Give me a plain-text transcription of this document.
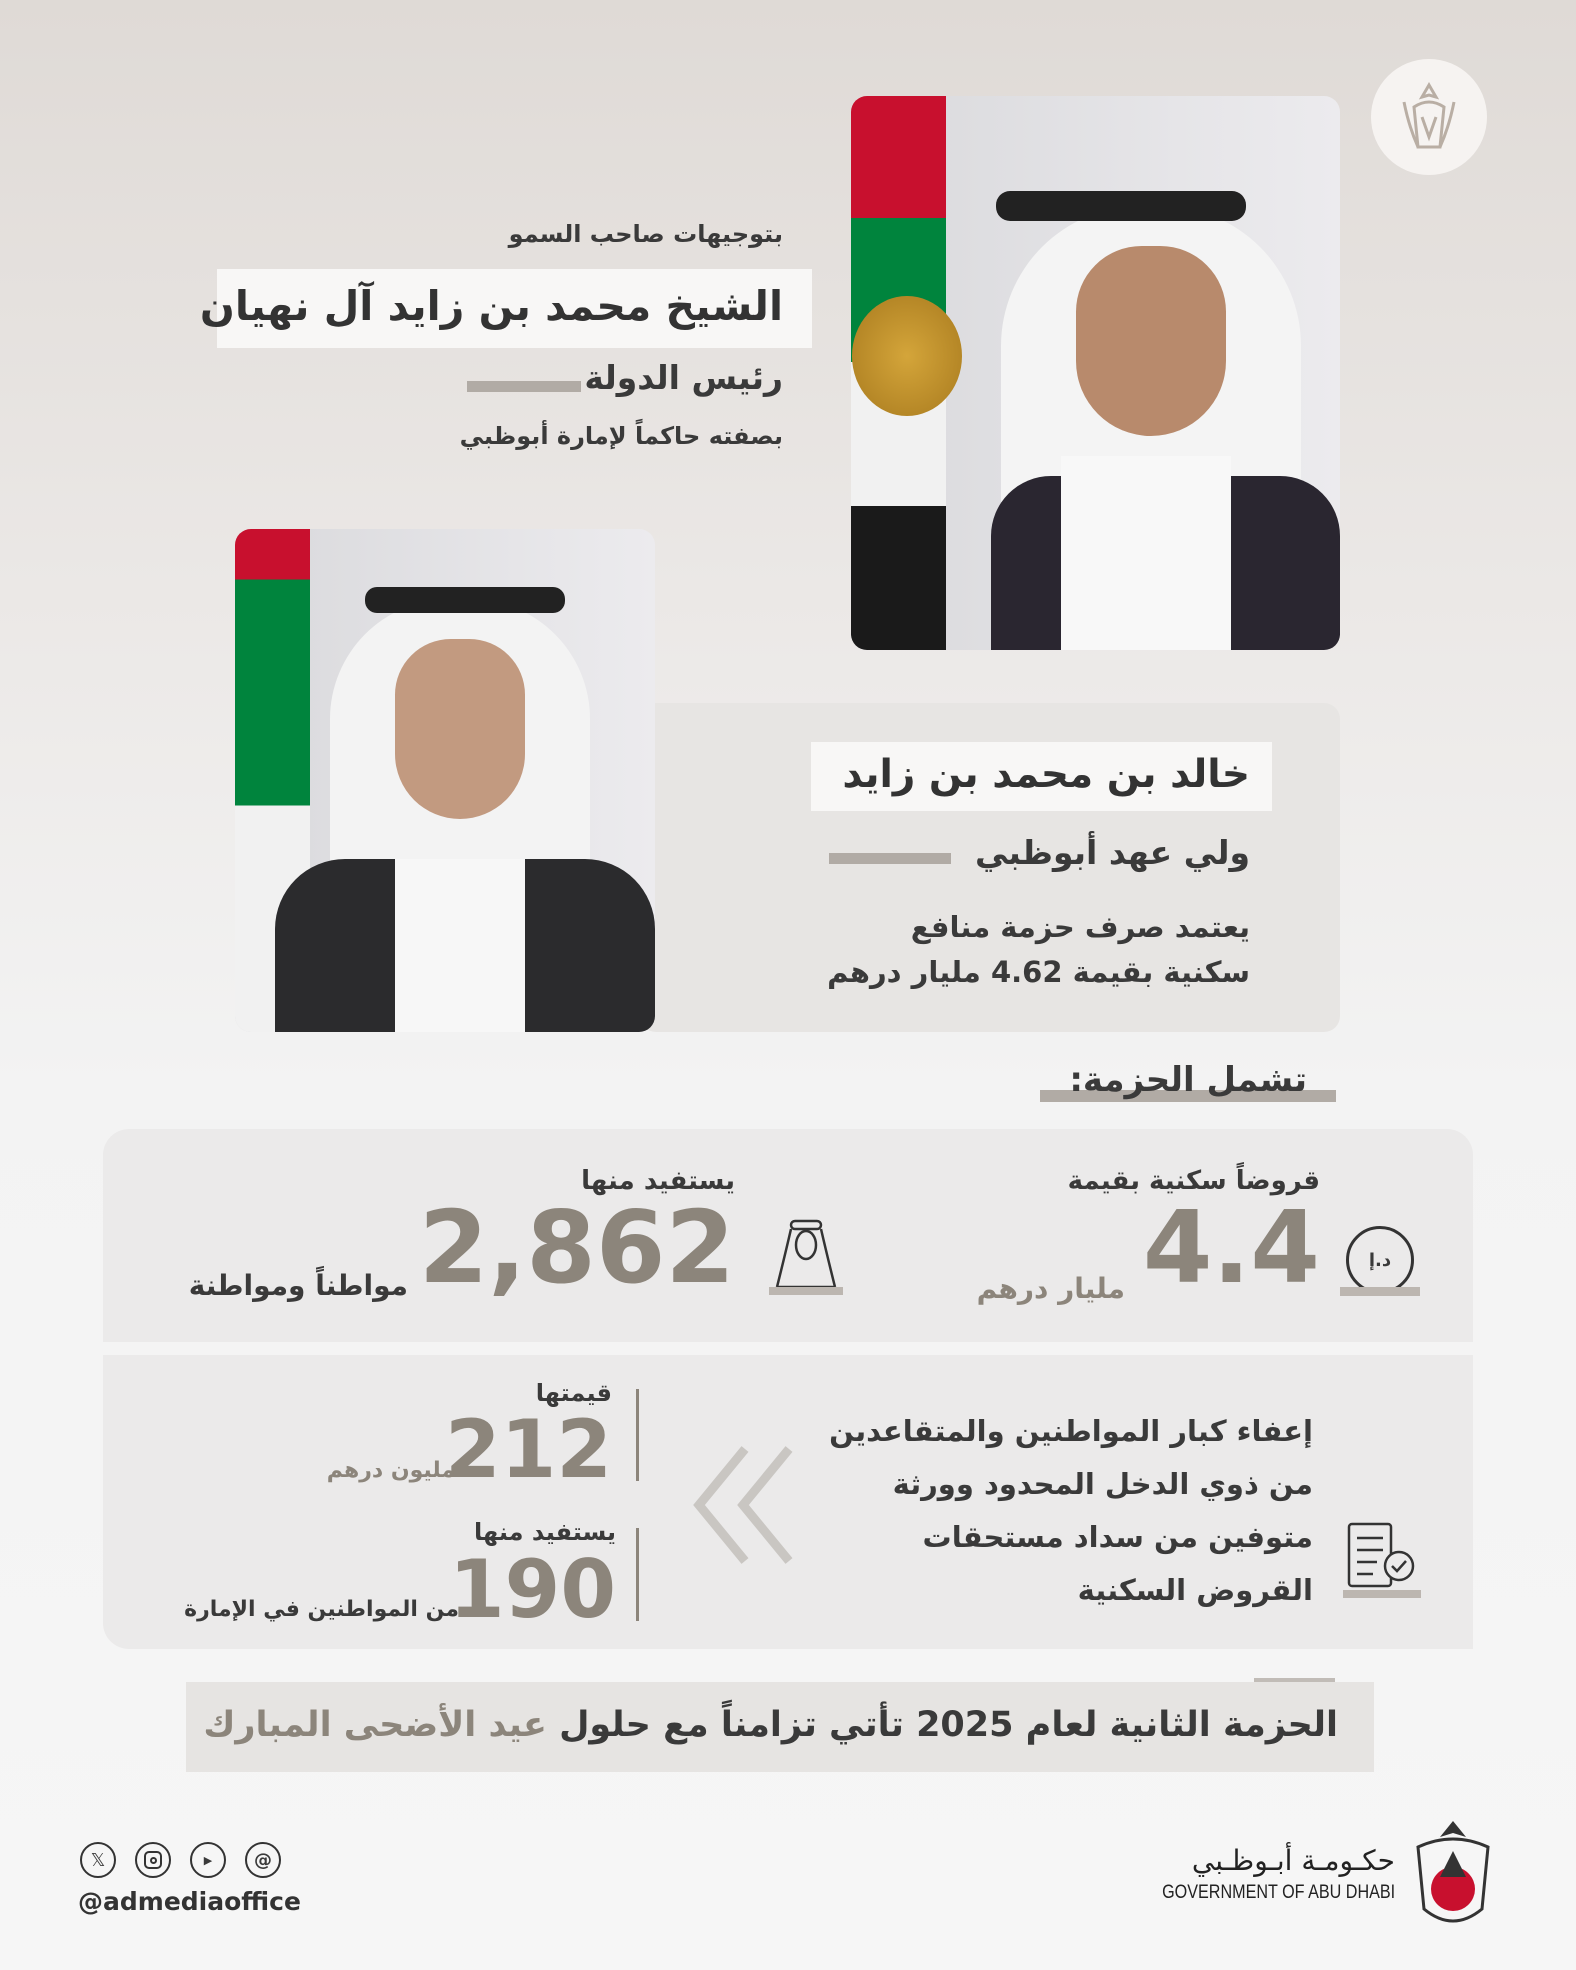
بتوجيهات صاحب السمو
الشيخ محمد بن زايد آل نهيان
رئيس الدولة
بصفته حاكماً لإمارة أبوظبي
خالد بن محمد بن زايد
ولي عهد أبوظبي
يعتمد صرف حزمة منافع
سكنية بقيمة 4.62 مليار درهم
تشمل الحزمة:
د.إ
قروضاً سكنية بقيمة
4.4
مليار درهم
يستفيد منها
2,862
مواطناً ومواطنة
إعفاء كبار المواطنين والمتقاعدين
من ذوي الدخل المحدود وورثة
متوفين من سداد مستحقات
القروض السكنية
قيمتها
212
مليون درهم
يستفيد منها
190
من المواطنين في الإمارة
الحزمة الثانية لعام 2025 تأتي تزامناً مع حلول عيد الأضحى المبارك
𝕏	▶	@
@admediaoffice
حكـومـة أبـوظـبي
GOVERNMENT OF ABU DHABI
